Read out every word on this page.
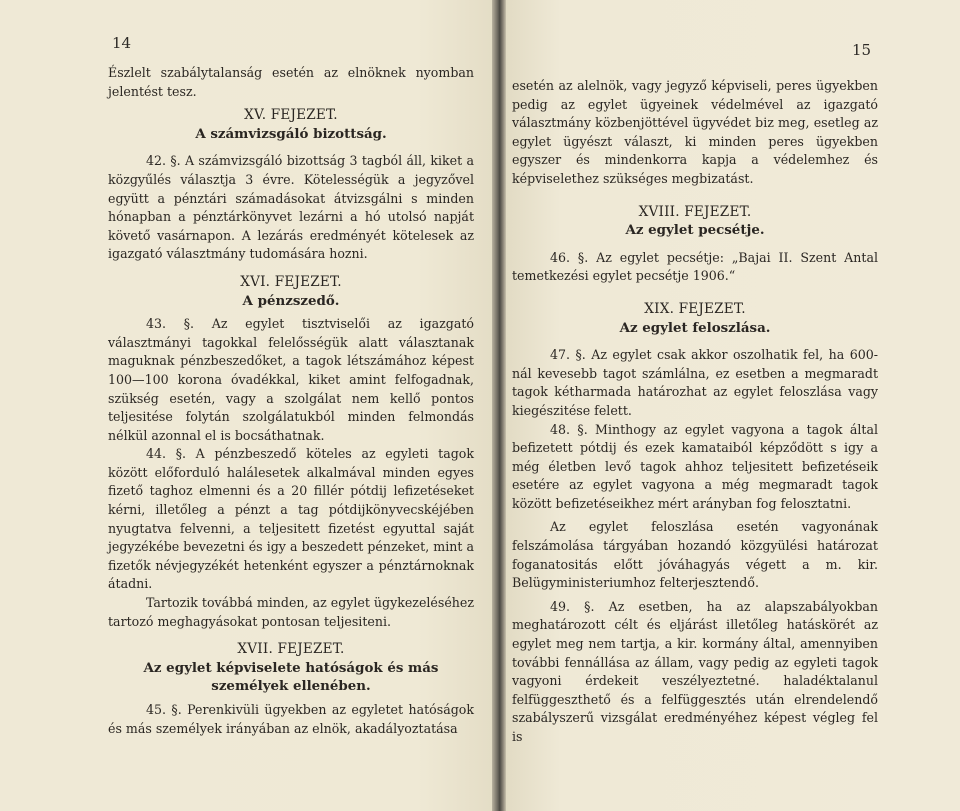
14	15

Észlelt szabálytalanság esetén az elnöknek nyomban jelentést tesz.

XV. FEJEZET.

A számvizsgáló bizottság.

42. §. A számvizsgáló bizottság 3 tagból áll, kiket a közgyűlés választja 3 évre. Kötelességük a jegyzővel együtt a pénztári számadásokat átvizsgálni s minden hónapban a pénztárkönyvet lezárni a hó utolsó napját követő vasárnapon. A lezárás eredményét kötelesek az igazgató választmány tudomására hozni.

XVI. FEJEZET.

A pénzszedő.

43. §. Az egylet tisztviselői az igazgató választmányi tagokkal felelősségük alatt választanak maguknak pénzbeszedőket, a tagok létszámához képest 100—100 korona óvadékkal, kiket amint felfogadnak, szükség esetén, vagy a szolgálat nem kellő pontos teljesitése folytán szolgálatukból minden felmondás nélkül azonnal el is bocsáthatnak.

44. §. A pénzbeszedő köteles az egyleti tagok között előforduló halálesetek alkalmával minden egyes fizető taghoz elmenni és a 20 fillér pótdij lefizetéseket kérni, illetőleg a pénzt a tag pótdijkönyvecskéjében nyugtatva felvenni, a teljesitett fizetést egyuttal saját jegyzékébe bevezetni és igy a beszedett pénzeket, mint a fizetők névjegyzékét hetenként egyszer a pénztárnoknak átadni.

Tartozik továbbá minden, az egylet ügykezeléséhez tartozó meghagyásokat pontosan teljesiteni.

XVII. FEJEZET.

Az egylet képviselete hatóságok és más személyek ellenében.

45. §. Perenkivüli ügyekben az egyletet hatóságok és más személyek irányában az elnök, akadályoztatása

esetén az alelnök, vagy jegyző képviseli, peres ügyekben pedig az egylet ügyeinek védelmével az igazgató választmány közbenjöttével ügyvédet biz meg, esetleg az egylet ügyészt választ, ki minden peres ügyekben egyszer és mindenkorra kapja a védelemhez és képviselethez szükséges megbizatást.

XVIII. FEJEZET.

Az egylet pecsétje.

46. §. Az egylet pecsétje: „Bajai II. Szent Antal temetkezési egylet pecsétje 1906.“

XIX. FEJEZET.

Az egylet feloszlása.

47. §. Az egylet csak akkor oszolhatik fel, ha 600-nál kevesebb tagot számlálna, ez esetben a megmaradt tagok kétharmada határozhat az egylet feloszlása vagy kiegészitése felett.

48. §. Minthogy az egylet vagyona a tagok által befizetett pótdij és ezek kamataiból képződött s igy a még életben levő tagok ahhoz teljesitett befizetéseik esetére az egylet vagyona a még megmaradt tagok között befizetéseikhez mért arányban fog felosztatni.

Az egylet feloszlása esetén vagyonának felszámolása tárgyában hozandó közgyülési határozat foganatositás előtt jóváhagyás végett a m. kir. Belügyministeriumhoz felterjesztendő.

49. §. Az esetben, ha az alapszabályokban meghatározott célt és eljárást illetőleg hatáskörét az egylet meg nem tartja, a kir. kormány által, amennyiben további fennállása az állam, vagy pedig az egyleti tagok vagyoni érdekeit veszélyeztetné. haladéktalanul felfüggeszthető és a felfüggesztés után elrendelendő szabályszerű vizsgálat eredményéhez képest végleg fel is
